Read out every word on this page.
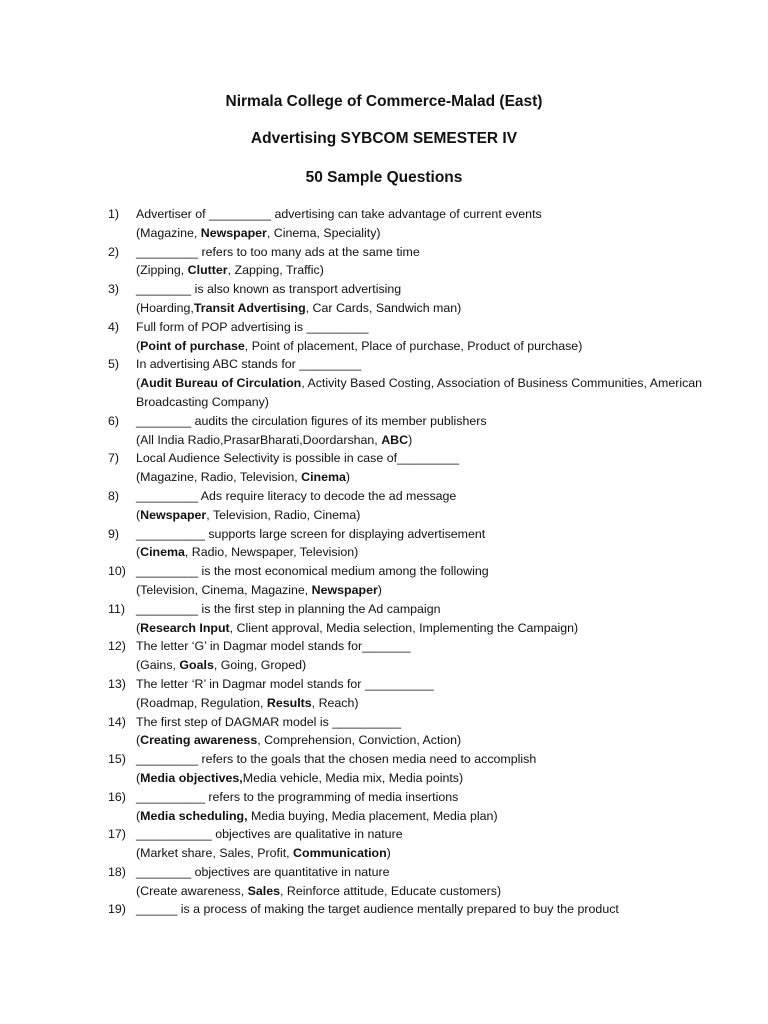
Nirmala College of Commerce-Malad (East)
Advertising SYBCOM SEMESTER IV
50 Sample Questions
1)	Advertiser of _________ advertising can take advantage of current events
(Magazine, Newspaper, Cinema, Speciality)
2)	_________ refers to too many ads at the same time
(Zipping, Clutter, Zapping, Traffic)
3)	________ is also known as transport advertising
(Hoarding,Transit Advertising, Car Cards, Sandwich man)
4)	Full form of POP advertising is _________
(Point of purchase, Point of placement, Place of purchase, Product of purchase)
5)	In advertising ABC stands for _________
(Audit Bureau of Circulation, Activity Based Costing, Association of Business Communities, American Broadcasting Company)
6)	________ audits the circulation figures of its member publishers
(All India Radio,PrasarBharati,Doordarshan, ABC)
7)	Local Audience Selectivity is possible in case of_________
(Magazine, Radio, Television, Cinema)
8)	_________ Ads require literacy to decode the ad message
(Newspaper, Television, Radio, Cinema)
9)	__________ supports large screen for displaying advertisement
(Cinema, Radio, Newspaper, Television)
10) _________ is the most economical medium among the following
(Television, Cinema, Magazine, Newspaper)
11) _________ is the first step in planning the Ad campaign
(Research Input, Client approval, Media selection, Implementing the Campaign)
12) The letter ‘G’ in Dagmar model stands for_______
(Gains, Goals, Going, Groped)
13) The letter ‘R’ in Dagmar model stands for __________
(Roadmap, Regulation, Results, Reach)
14) The first step of DAGMAR model is __________
(Creating awareness, Comprehension, Conviction, Action)
15) _________ refers to the goals that the chosen media need to accomplish
(Media objectives,Media vehicle, Media mix, Media points)
16) __________ refers to the programming of media insertions
(Media scheduling, Media buying, Media placement, Media plan)
17) ___________ objectives are qualitative in nature
(Market share, Sales, Profit, Communication)
18) ________ objectives are quantitative in nature
(Create awareness, Sales, Reinforce attitude, Educate customers)
19) ______ is a process of making the target audience mentally prepared to buy the product
